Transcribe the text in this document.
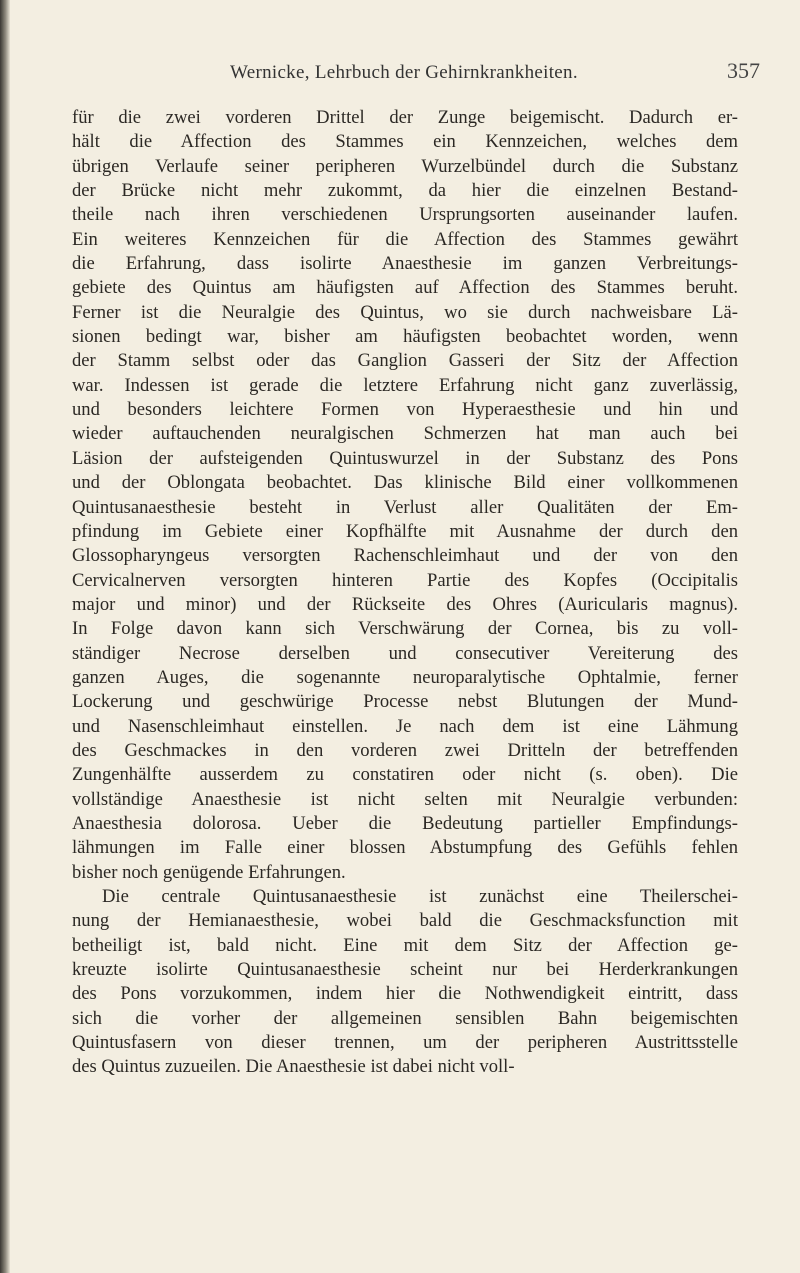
Wernicke, Lehrbuch der Gehirnkrankheiten.	357
für die zwei vorderen Drittel der Zunge beigemischt. Dadurch er-
hält die Affection des Stammes ein Kennzeichen, welches dem
übrigen Verlaufe seiner peripheren Wurzelbündel durch die Substanz
der Brücke nicht mehr zukommt, da hier die einzelnen Bestand-
theile nach ihren verschiedenen Ursprungsorten auseinander laufen.
Ein weiteres Kennzeichen für die Affection des Stammes gewährt
die Erfahrung, dass isolirte Anaesthesie im ganzen Verbreitungs-
gebiete des Quintus am häufigsten auf Affection des Stammes beruht.
Ferner ist die Neuralgie des Quintus, wo sie durch nachweisbare Lä-
sionen bedingt war, bisher am häufigsten beobachtet worden, wenn
der Stamm selbst oder das Ganglion Gasseri der Sitz der Affection
war. Indessen ist gerade die letztere Erfahrung nicht ganz zuverlässig,
und besonders leichtere Formen von Hyperaesthesie und hin und
wieder auftauchenden neuralgischen Schmerzen hat man auch bei
Läsion der aufsteigenden Quintuswurzel in der Substanz des Pons
und der Oblongata beobachtet. Das klinische Bild einer vollkommenen
Quintusanaesthesie besteht in Verlust aller Qualitäten der Em-
pfindung im Gebiete einer Kopfhälfte mit Ausnahme der durch den
Glossopharyngeus versorgten Rachenschleimhaut und der von den
Cervicalnerven versorgten hinteren Partie des Kopfes (Occipitalis
major und minor) und der Rückseite des Ohres (Auricularis magnus).
In Folge davon kann sich Verschwärung der Cornea, bis zu voll-
ständiger Necrose derselben und consecutiver Vereiterung des
ganzen Auges, die sogenannte neuroparalytische Ophtalmie, ferner
Lockerung und geschwürige Processe nebst Blutungen der Mund-
und Nasenschleimhaut einstellen. Je nach dem ist eine Lähmung
des Geschmackes in den vorderen zwei Dritteln der betreffenden
Zungenhälfte ausserdem zu constatiren oder nicht (s. oben). Die
vollständige Anaesthesie ist nicht selten mit Neuralgie verbunden:
Anaesthesia dolorosa. Ueber die Bedeutung partieller Empfindungs-
lähmungen im Falle einer blossen Abstumpfung des Gefühls fehlen
bisher noch genügende Erfahrungen.
Die centrale Quintusanaesthesie ist zunächst eine Theilerschei-
nung der Hemianaesthesie, wobei bald die Geschmacksfunction mit
betheiligt ist, bald nicht. Eine mit dem Sitz der Affection ge-
kreuzte isolirte Quintusanaesthesie scheint nur bei Herderkrankungen
des Pons vorzukommen, indem hier die Nothwendigkeit eintritt, dass
sich die vorher der allgemeinen sensiblen Bahn beigemischten
Quintusfasern von dieser trennen, um der peripheren Austrittsstelle
des Quintus zuzueilen. Die Anaesthesie ist dabei nicht voll-
